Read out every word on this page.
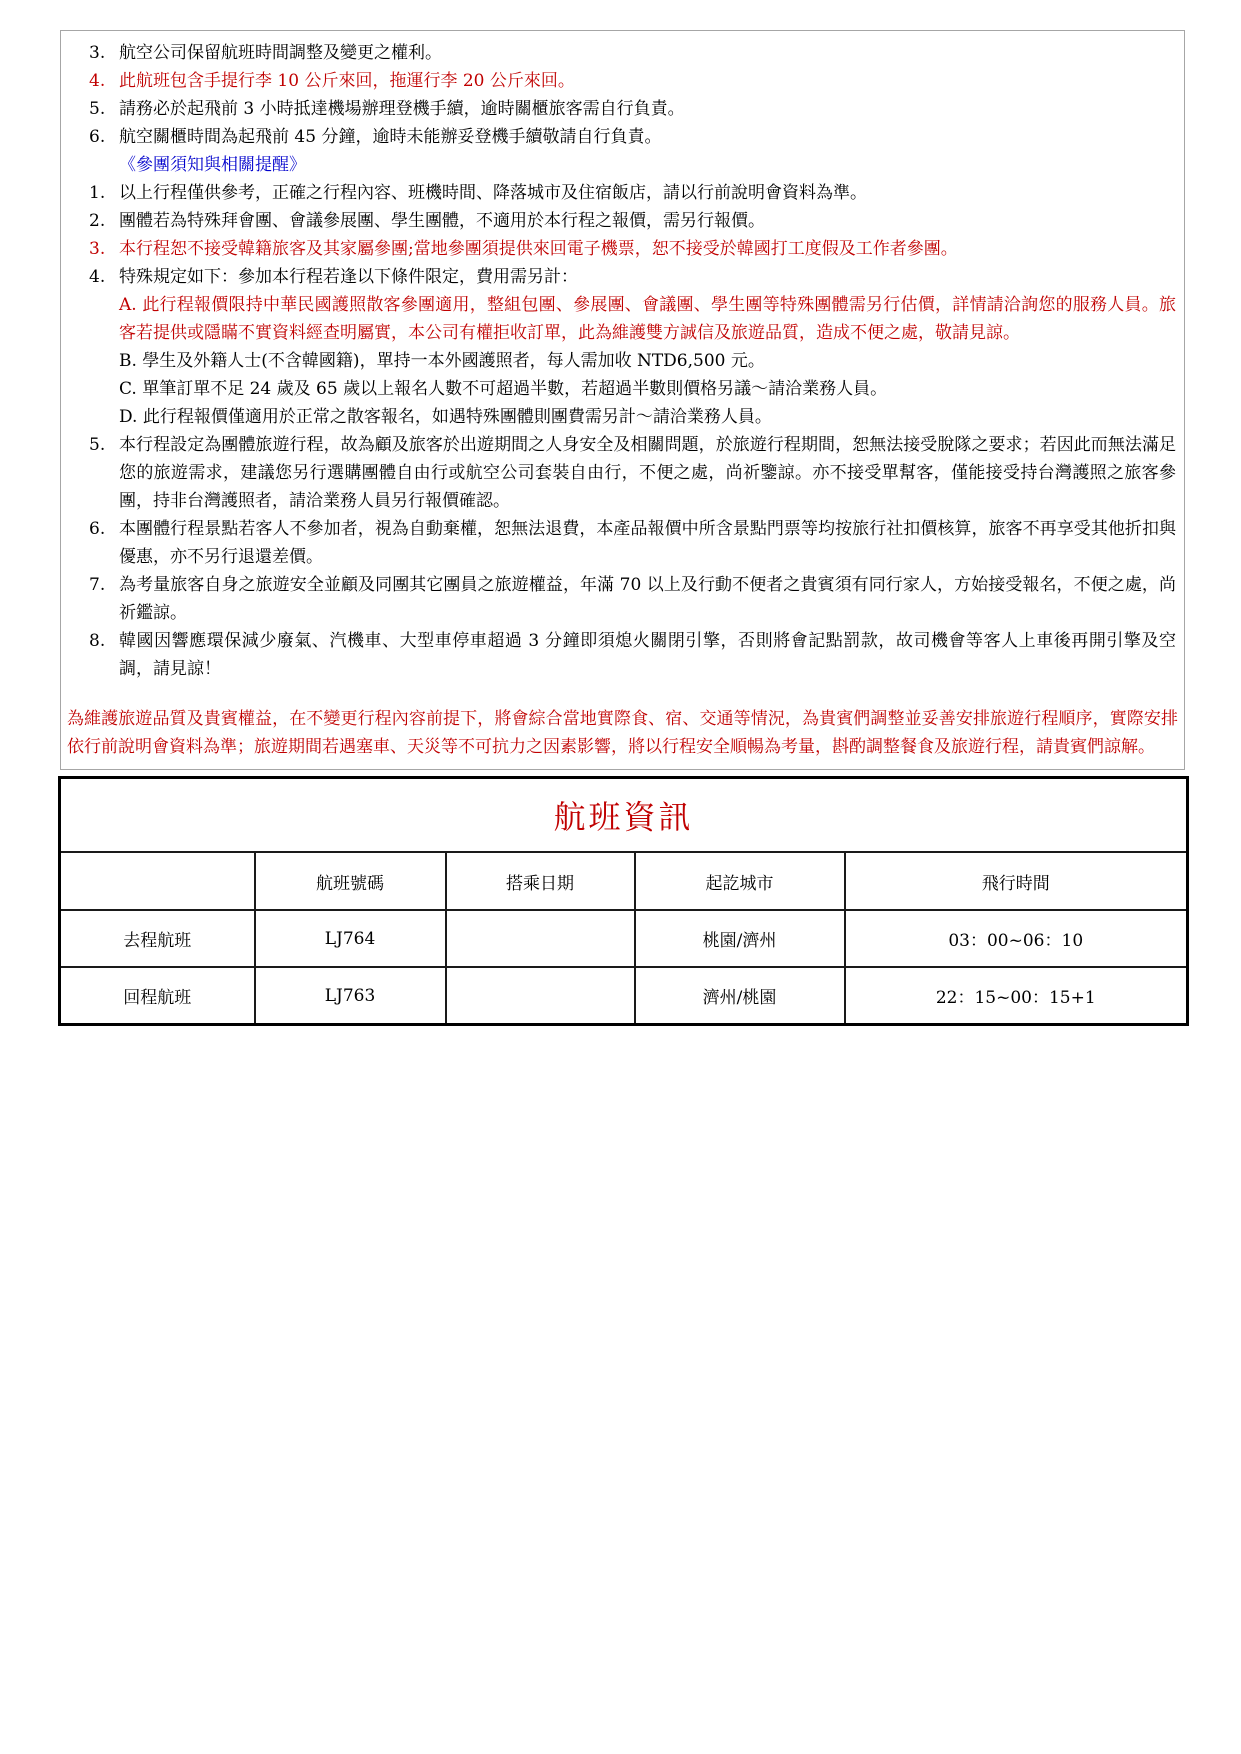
3. 航空公司保留航班時間調整及變更之權利。
4. 此航班包含手提行李 10 公斤來回，拖運行李 20 公斤來回。
5. 請務必於起飛前 3 小時抵達機場辦理登機手續，逾時關櫃旅客需自行負責。
6. 航空關櫃時間為起飛前 45 分鐘，逾時未能辦妥登機手續敬請自行負責。
《參團須知與相關提醒》
1. 以上行程僅供參考，正確之行程內容、班機時間、降落城市及住宿飯店，請以行前說明會資料為準。
2. 團體若為特殊拜會團、會議參展團、學生團體，不適用於本行程之報價，需另行報價。
3. 本行程恕不接受韓籍旅客及其家屬參團;當地參團須提供來回電子機票，恕不接受於韓國打工度假及工作者參團。
4. 特殊規定如下：參加本行程若逢以下條件限定，費用需另計：
A. 此行程報價限持中華民國護照散客參團適用，整組包團、參展團、會議團、學生團等特殊團體需另行估價，詳情請洽詢您的服務人員。旅客若提供或隱瞞不實資料經查明屬實，本公司有權拒收訂單，此為維護雙方誠信及旅遊品質，造成不便之處，敬請見諒。
B. 學生及外籍人士(不含韓國籍)，單持一本外國護照者，每人需加收 NTD6,500 元。
C. 單筆訂單不足 24 歲及 65 歲以上報名人數不可超過半數，若超過半數則價格另議～請洽業務人員。
D. 此行程報價僅適用於正常之散客報名，如遇特殊團體則團費需另計～請洽業務人員。
5. 本行程設定為團體旅遊行程，故為顧及旅客於出遊期間之人身安全及相關問題，於旅遊行程期間，恕無法接受脫隊之要求；若因此而無法滿足您的旅遊需求，建議您另行選購團體自由行或航空公司套裝自由行，不便之處，尚祈鑒諒。亦不接受單幫客，僅能接受持台灣護照之旅客參團，持非台灣護照者，請洽業務人員另行報價確認。
6. 本團體行程景點若客人不參加者，視為自動棄權，恕無法退費，本產品報價中所含景點門票等均按旅行社扣價核算，旅客不再享受其他折扣與優惠，亦不另行退還差價。
7. 為考量旅客自身之旅遊安全並顧及同團其它團員之旅遊權益，年滿 70 以上及行動不便者之貴賓須有同行家人，方始接受報名，不便之處，尚祈鑑諒。
8. 韓國因響應環保減少廢氣、汽機車、大型車停車超過 3 分鐘即須熄火關閉引擎，否則將會記點罰款，故司機會等客人上車後再開引擎及空調，請見諒！
為維護旅遊品質及貴賓權益，在不變更行程內容前提下，將會綜合當地實際食、宿、交通等情況，為貴賓們調整並妥善安排旅遊行程順序，實際安排依行前說明會資料為準；旅遊期間若遇塞車、天災等不可抗力之因素影響，將以行程安全順暢為考量，斟酌調整餐食及旅遊行程，請貴賓們諒解。
航班資訊				
	航班號碼	搭乘日期	起訖城市	飛行時間
去程航班	LJ764		桃園/濟州	03：00~06：10
回程航班	LJ763		濟州/桃園	22：15~00：15+1
